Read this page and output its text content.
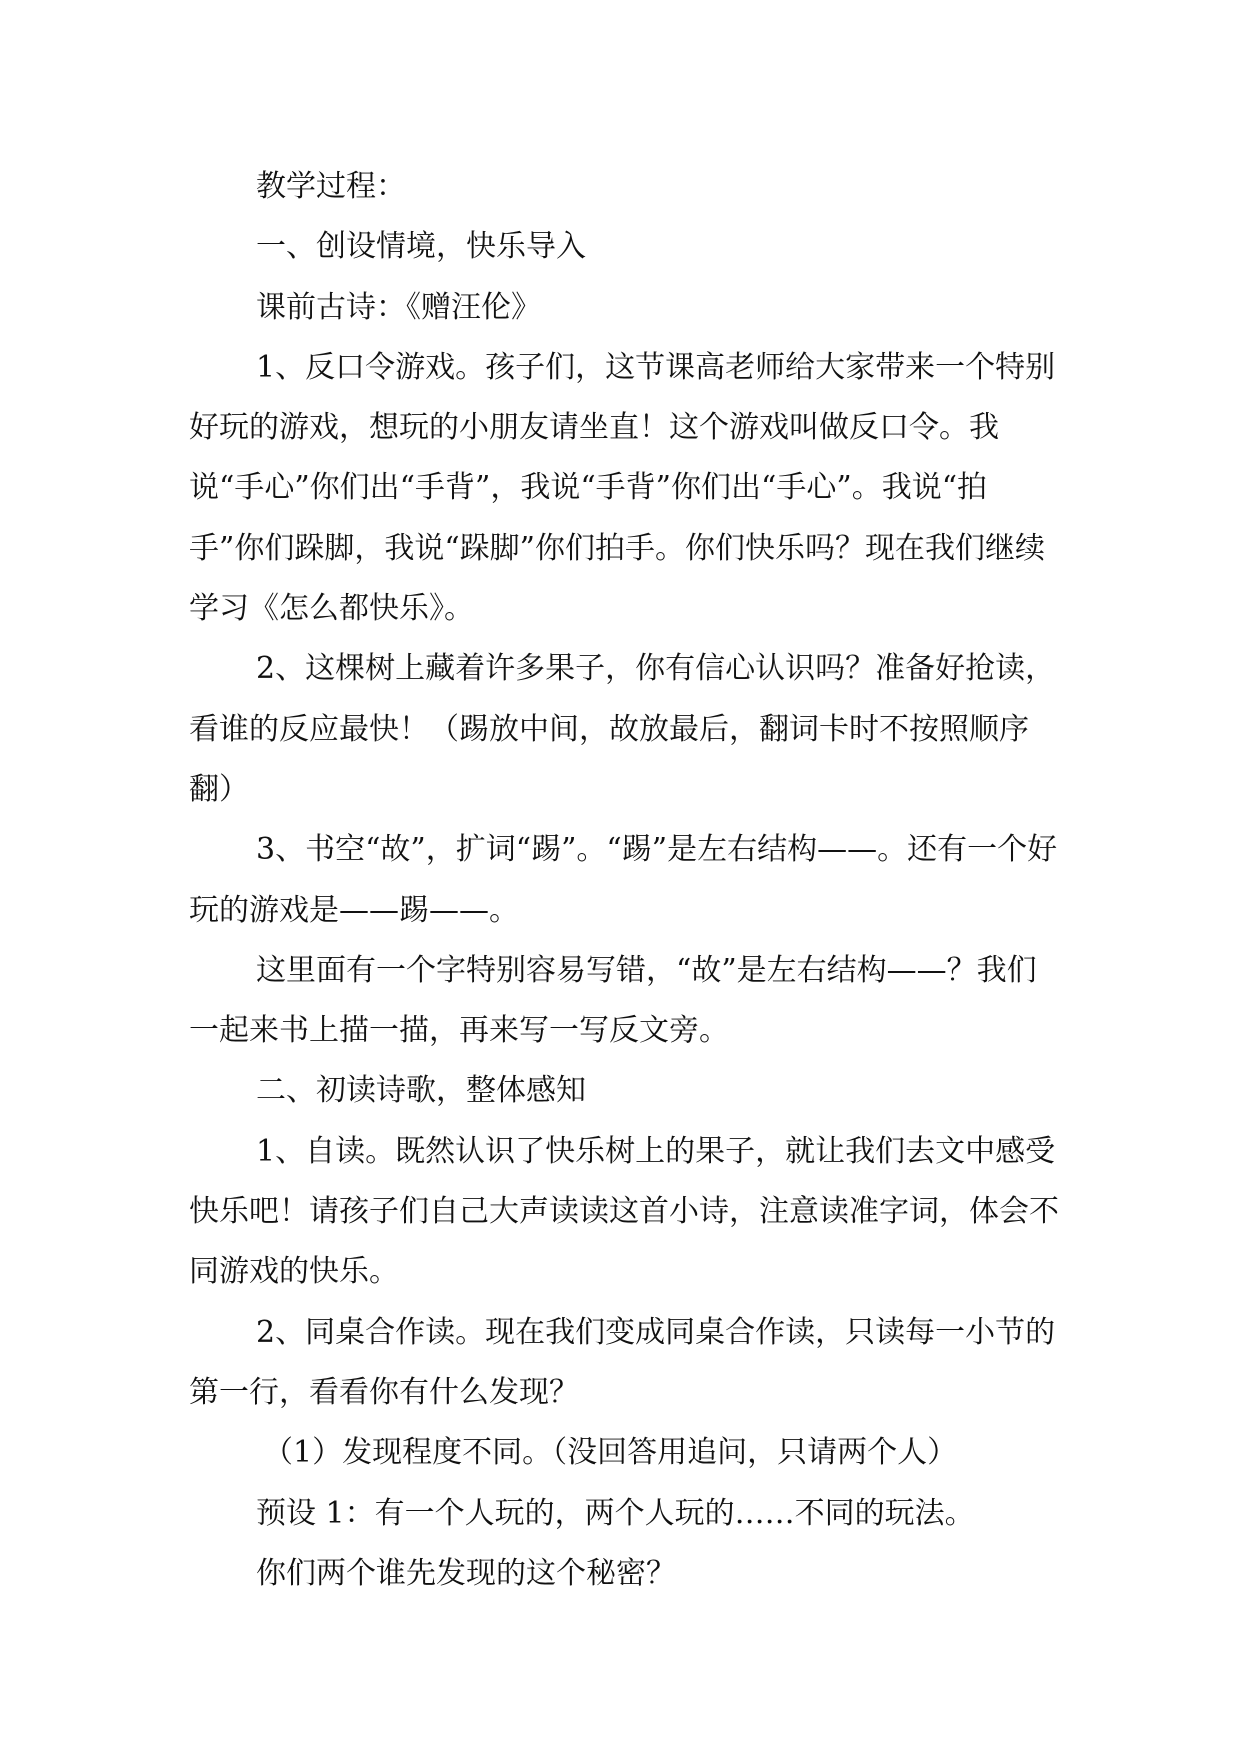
教学过程：

一、创设情境，快乐导入

课前古诗：《赠汪伦》

1、反口令游戏。孩子们，这节课高老师给大家带来一个特别好玩的游戏，想玩的小朋友请坐直！这个游戏叫做反口令。我说“手心”你们出“手背”，我说“手背”你们出“手心”。我说“拍手”你们跺脚，我说“跺脚”你们拍手。你们快乐吗？现在我们继续学习《怎么都快乐》。

2、这棵树上藏着许多果子，你有信心认识吗？准备好抢读，看谁的反应最快！（踢放中间，故放最后，翻词卡时不按照顺序翻）

3、书空“故”，扩词“踢”。“踢”是左右结构——。还有一个好玩的游戏是——踢——。

这里面有一个字特别容易写错，“故”是左右结构——？我们一起来书上描一描，再来写一写反文旁。

二、初读诗歌，整体感知

1、自读。既然认识了快乐树上的果子，就让我们去文中感受快乐吧！请孩子们自己大声读读这首小诗，注意读准字词，体会不同游戏的快乐。

2、同桌合作读。现在我们变成同桌合作读，只读每一小节的第一行，看看你有什么发现？

（1）发现程度不同。（没回答用追问，只请两个人）

预设 1：有一个人玩的，两个人玩的……不同的玩法。

你们两个谁先发现的这个秘密？
